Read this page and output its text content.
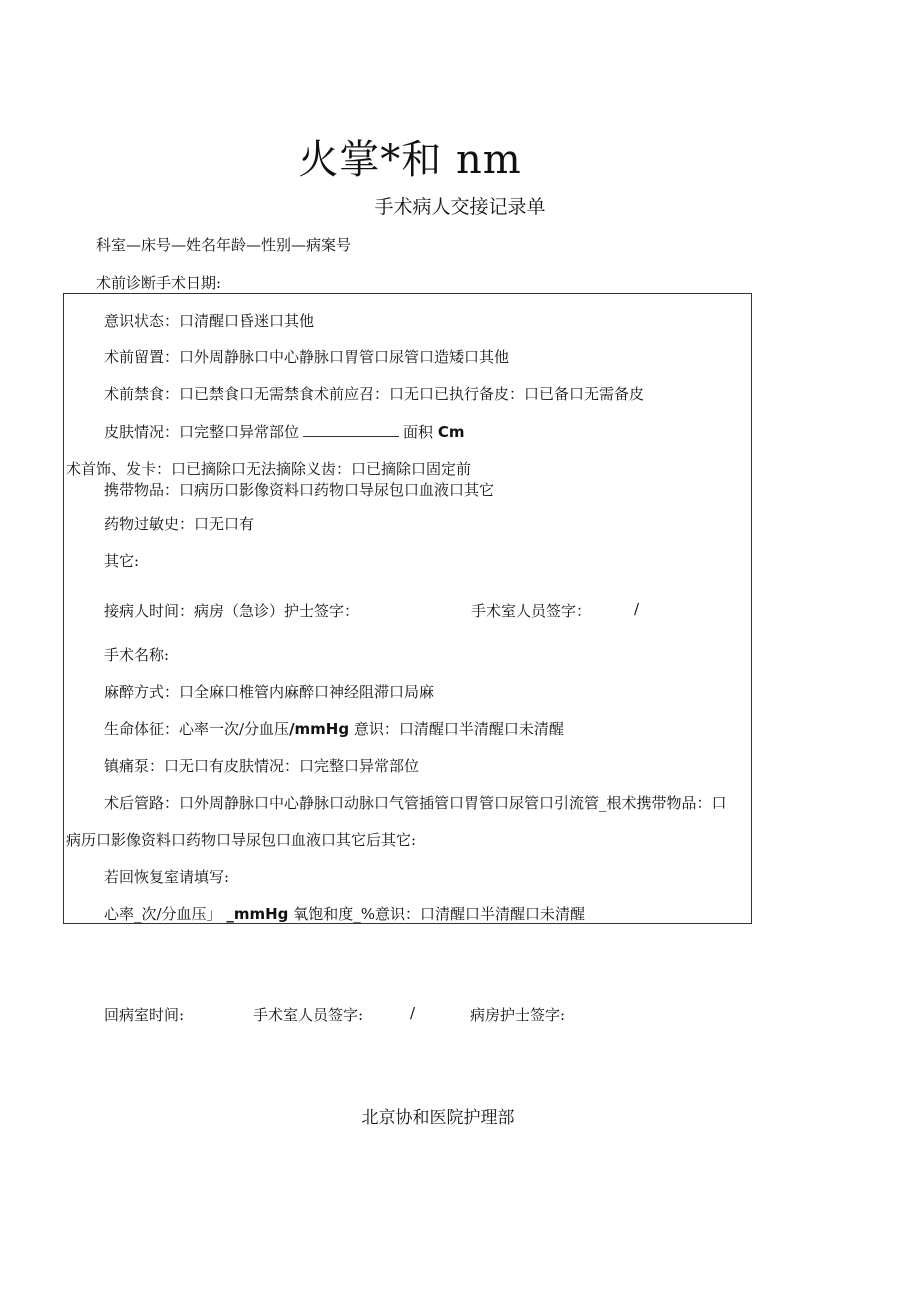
火掌*和 nm
手术病人交接记录单
科室—床号—姓名年龄—性别—病案号
术前诊断手术日期:
意识状态：口清醒口昏迷口其他
术前留置：口外周静脉口中心静脉口胃管口尿管口造矮口其他
术前禁食：口已禁食口无需禁食术前应召：口无口已执行备皮：口已备口无需备皮
皮肤情况：口完整口异常部位	面积 Cm
术首饰、发卡：口已摘除口无法摘除义齿：口已摘除口固定前
携带物品：口病历口影像资料口药物口导尿包口血液口其它
药物过敏史：口无口有
其它:
接病人时间：病房（急诊）护士签字：	手术室人员签字：	/
手术名称:
麻醉方式：口全麻口椎管内麻醉口神经阻滞口局麻
生命体征：心率一次/分血压/mmHg 意识：口清醒口半清醒口未清醒
镇痛泵：口无口有皮肤情况：口完整口异常部位
术后管路：口外周静脉口中心静脉口动脉口气管插管口胃管口尿管口引流管_根术携带物品：口
病历口影像资料口药物口导尿包口血液口其它后其它:
若回恢复室请填写:
心率_次/分血压」 _mmHg 氧饱和度_%意识：口清醒口半清醒口未清醒
回病室时间:	手术室人员签字:	/	病房护士签字:
北京协和医院护理部
